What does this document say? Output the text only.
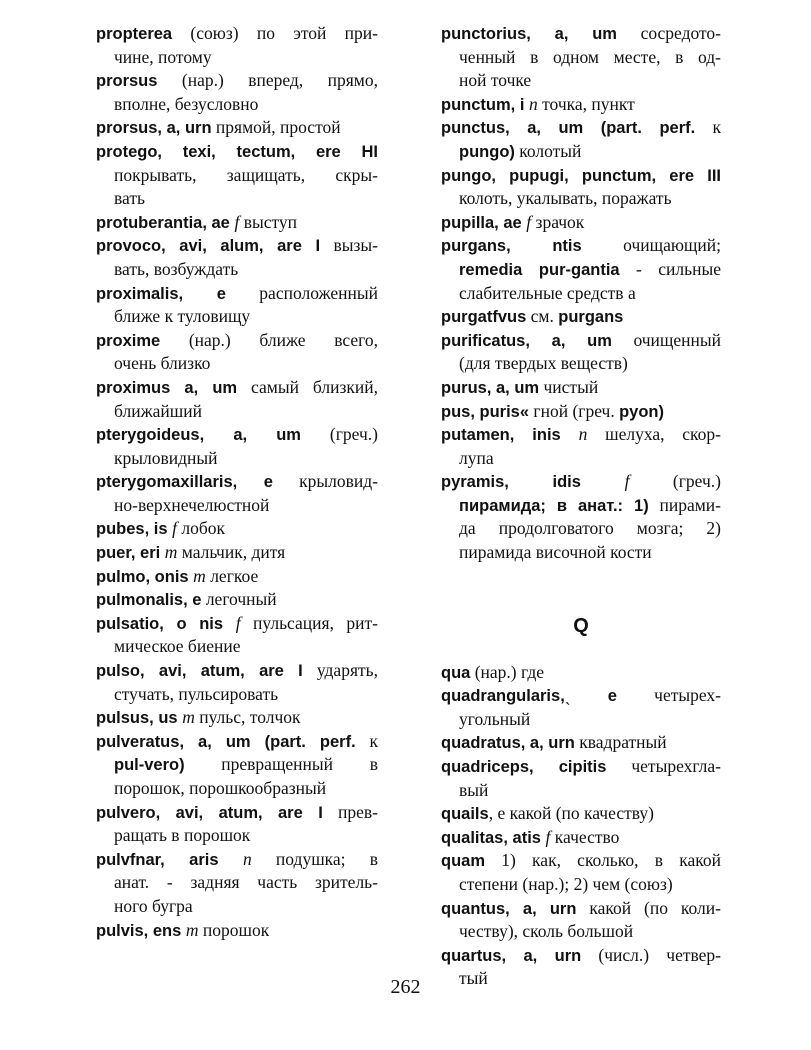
propterea (союз) по этой при-
чине, потому
prorsus (нар.) вперед, прямо,
вполне, безусловно
prorsus, a, urn прямой, простой
protego, texi, tectum, ere HI
покрывать, защищать, скры-
вать
protuberantia, ae f выступ
provoco, avi, alum, are I вызы-
вать, возбуждать
proximalis, e расположенный
ближе к туловищу
proxime (нар.) ближе всего,
очень близко
proximus a, um самый близкий,
ближайший
pterygoideus, a, um (греч.)
крыловидный
pterygomaxillaris, e крыловид-
но-верхнечелюстной
pubes, is f лобок
puer, eri m мальчик, дитя
pulmo, onis m легкое
pulmonalis, e легочный
pulsatio, o nis f пульсация, рит-
мическое биение
pulso, avi, atum, are I ударять,
стучать, пульсировать
pulsus, us m пульс, толчок
pulveratus, a, um (part. perf. к
pul-vero) превращенный в
порошок, порошкообразный
pulvero, avi, atum, are I прев-
ращать в порошок
pulvfnar, aris n подушка; в
анат. - задняя часть зритель-
ного бугра
pulvis, ens m порошок
punctorius, a, um сосредото-
ченный в одном месте, в од-
ной точке
punctum, i n точка, пункт
punctus, a, um (part. perf. к
pungo) колотый
pungo, pupugi, punctum, ere III
колоть, укалывать, поражать
pupilla, ae f зрачок
purgans, ntis очищающий;
remedia pur-gantia - сильные
слабительные средств а
purgatfvus см. purgans
purificatus, a, um очищенный
(для твердых веществ)
purus, a, um чистый
pus, puris« гной (греч. pyon)
putamen, inis n шелуха, скор-
лупа
pyramis, idis f (греч.)
пирамида; в анат.: 1) пирами-
да продолговатого мозга; 2)
пирамида височной кости
Q
qua (нар.) где
quadrangularis,ˎ e четырех-
угольный
quadratus, a, urn квадратный
quadriceps, cipitis четырехгла-
вый
quails, е какой (по качеству)
qualitas, atis f качество
quam 1) как, сколько, в какой
степени (нар.); 2) чем (союз)
quantus, a, urn какой (по коли-
честву), сколь большой
quartus, a, urn (числ.) четвер-
тый
262
